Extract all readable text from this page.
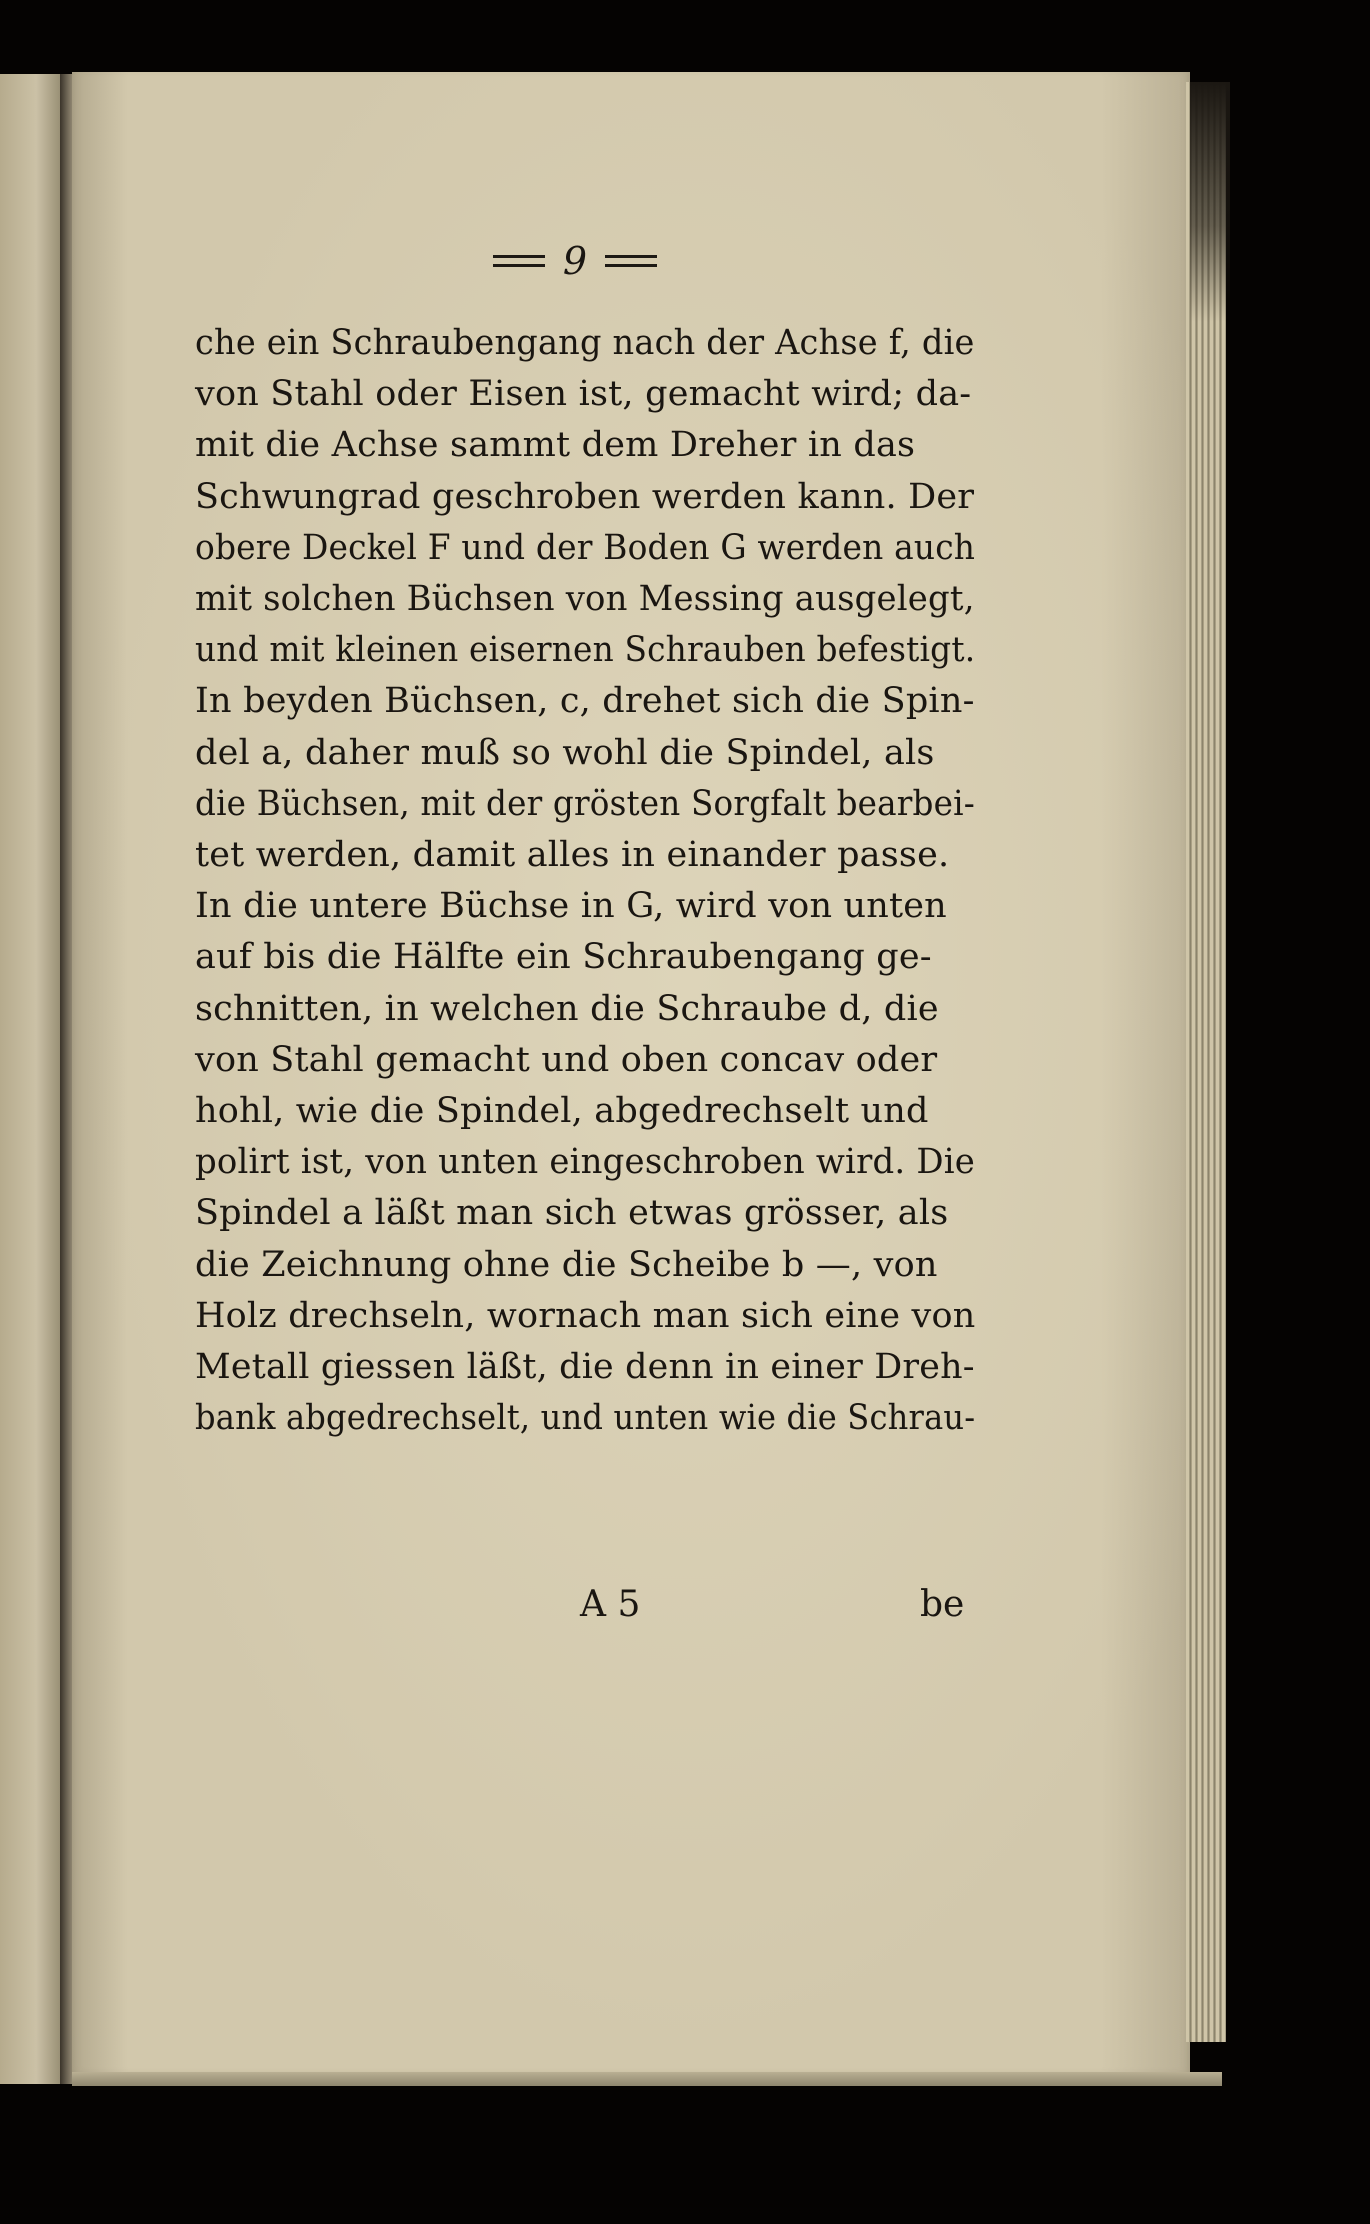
9
che ein Schraubengang nach der Achse f, die
von Stahl oder Eisen ist, gemacht wird; da-
mit die Achse sammt dem Dreher in das
Schwungrad geschroben werden kann. Der
obere Deckel F und der Boden G werden auch
mit solchen Büchsen von Messing ausgelegt,
und mit kleinen eisernen Schrauben befestigt.
In beyden Büchsen, c, drehet sich die Spin-
del a, daher muß so wohl die Spindel, als
die Büchsen, mit der grösten Sorgfalt bearbei-
tet werden, damit alles in einander passe.
In die untere Büchse in G, wird von unten
auf bis die Hälfte ein Schraubengang ge-
schnitten, in welchen die Schraube d, die
von Stahl gemacht und oben concav oder
hohl, wie die Spindel, abgedrechselt und
polirt ist, von unten eingeschroben wird. Die
Spindel a läßt man sich etwas grösser, als
die Zeichnung ohne die Scheibe b —, von
Holz drechseln, wornach man sich eine von
Metall giessen läßt, die denn in einer Dreh-
bank abgedrechselt, und unten wie die Schrau-
A 5	be
